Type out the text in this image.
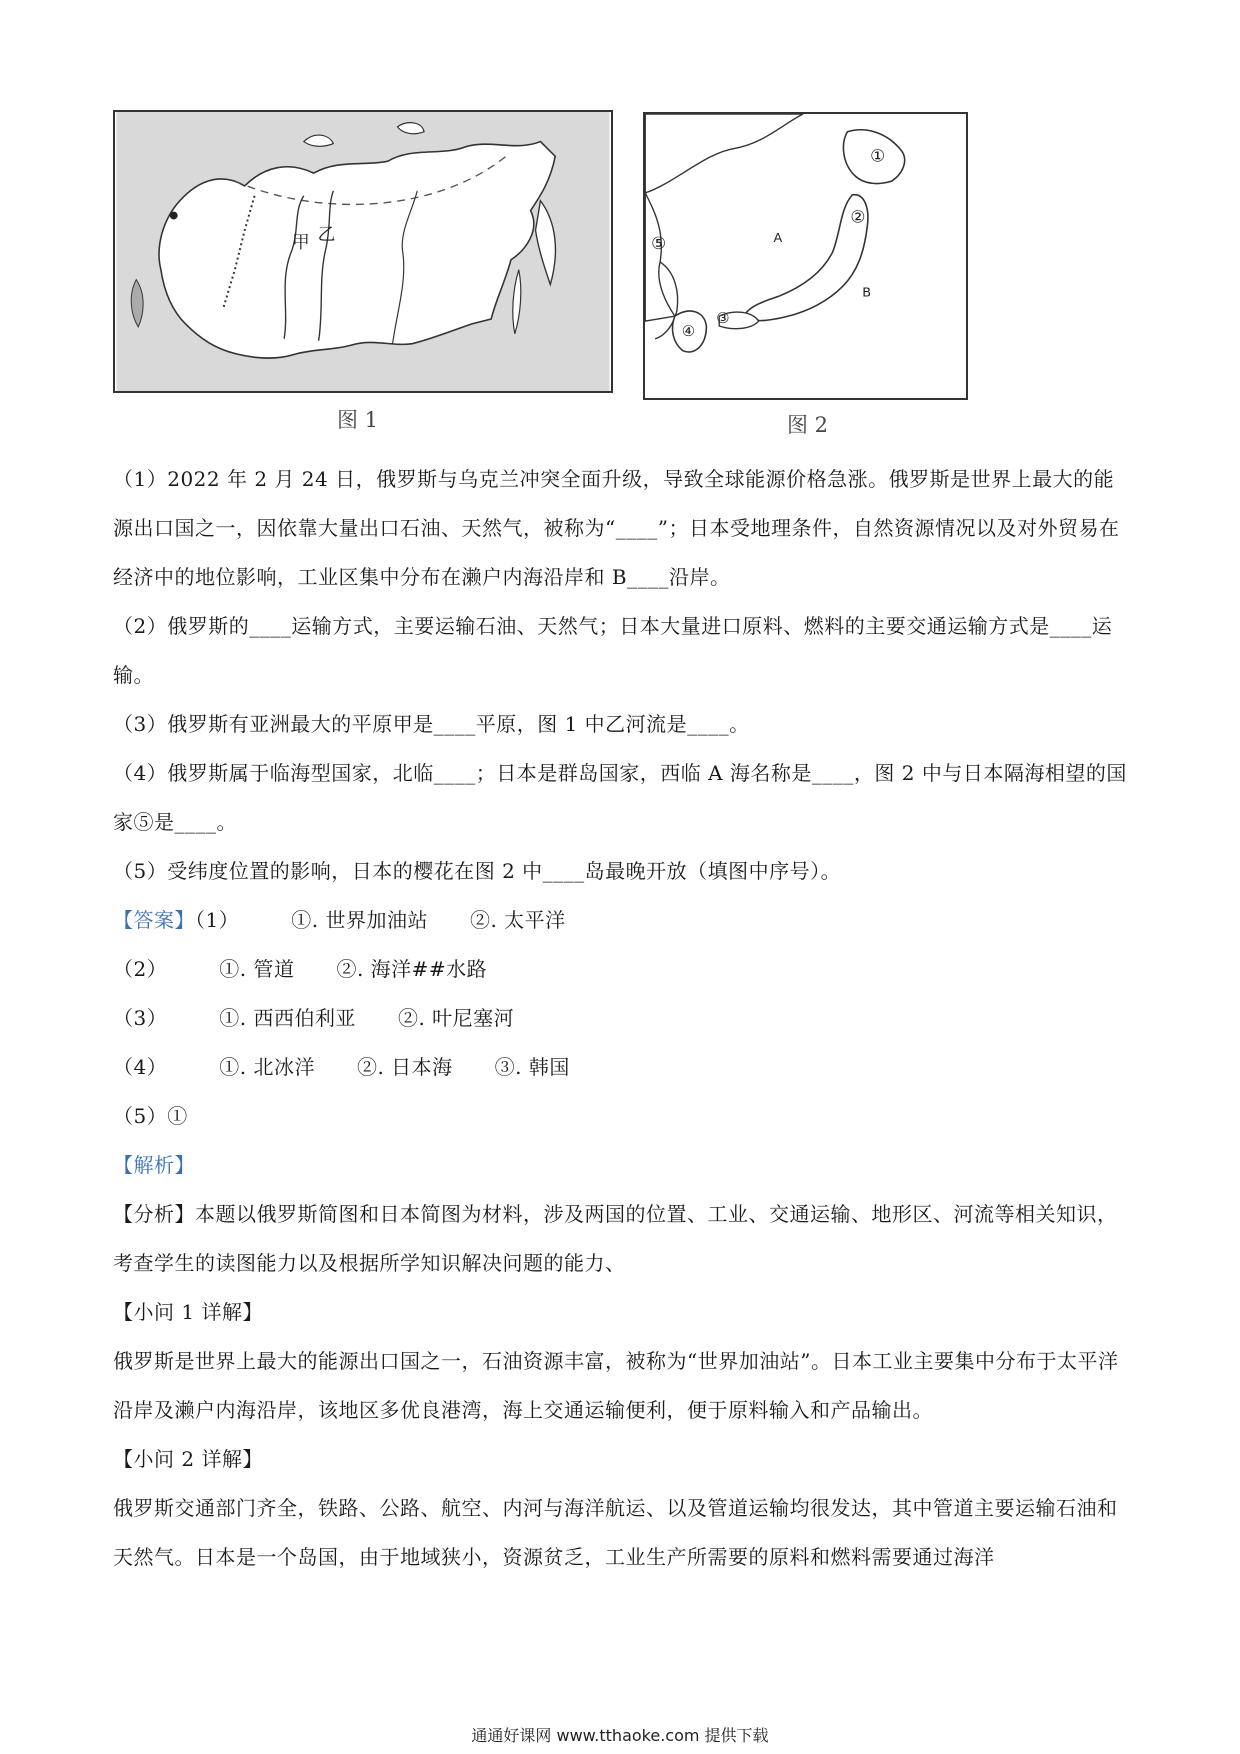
甲 乙
图 1
①
②
③
④
⑤	A
B
图 2

（1）2022 年 2 月 24 日，俄罗斯与乌克兰冲突全面升级，导致全球能源价格急涨。俄罗斯是世界上最大的能源出口国之一，因依靠大量出口石油、天然气，被称为“____”；日本受地理条件，自然资源情况以及对外贸易在经济中的地位影响，工业区集中分布在濑户内海沿岸和 B____沿岸。

（2）俄罗斯的____运输方式，主要运输石油、天然气；日本大量进口原料、燃料的主要交通运输方式是____运输。

（3）俄罗斯有亚洲最大的平原甲是____平原，图 1 中乙河流是____。

（4）俄罗斯属于临海型国家，北临____；日本是群岛国家，西临 A 海名称是____，图 2 中与日本隔海相望的国家⑤是____。

（5）受纬度位置的影响，日本的樱花在图 2 中____岛最晚开放（填图中序号）。

【答案】（1）	①. 世界加油站 ②. 太平洋

（2）	①. 管道 ②. 海洋##水路

（3）	①. 西西伯利亚 ②. 叶尼塞河

（4）	①. 北冰洋 ②. 日本海 ③. 韩国

（5）①

【解析】

【分析】本题以俄罗斯简图和日本简图为材料，涉及两国的位置、工业、交通运输、地形区、河流等相关知识，考查学生的读图能力以及根据所学知识解决问题的能力、

【小问 1 详解】

俄罗斯是世界上最大的能源出口国之一，石油资源丰富，被称为“世界加油站”。日本工业主要集中分布于太平洋沿岸及濑户内海沿岸，该地区多优良港湾，海上交通运输便利，便于原料输入和产品输出。

【小问 2 详解】

俄罗斯交通部门齐全，铁路、公路、航空、内河与海洋航运、以及管道运输均很发达，其中管道主要运输石油和天然气。日本是一个岛国，由于地域狭小，资源贫乏，工业生产所需要的原料和燃料需要通过海洋

通通好课网 www.tthaoke.com 提供下载
